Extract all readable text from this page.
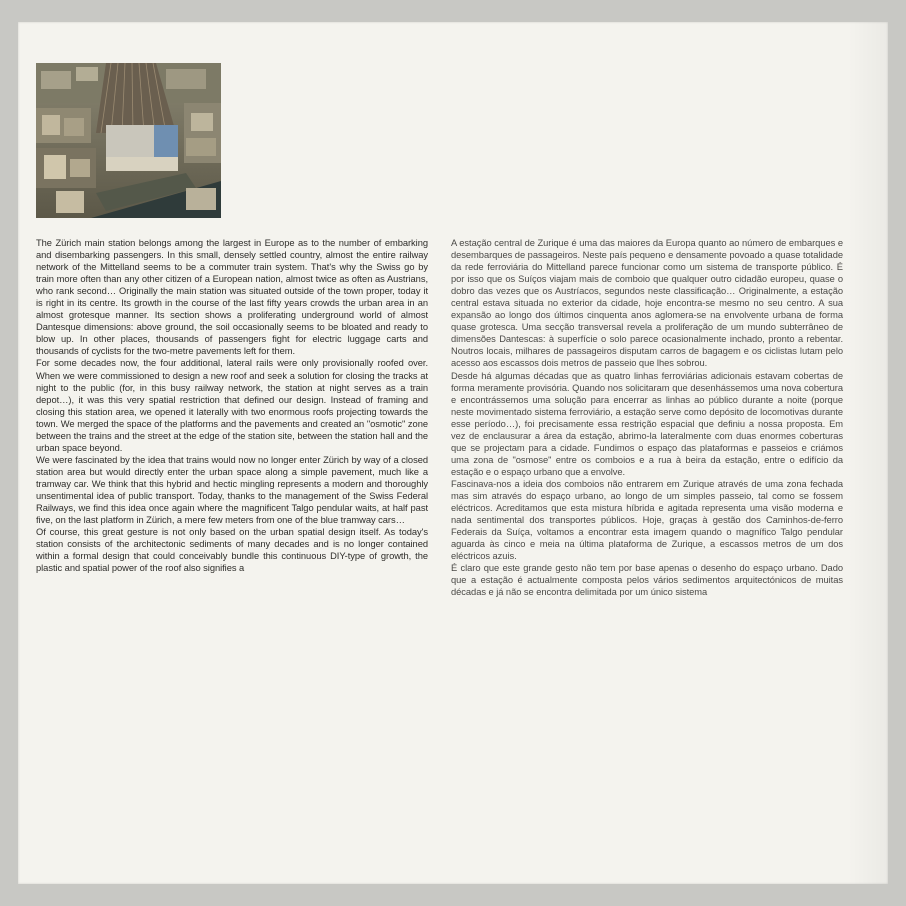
The Zürich main station belongs among the largest in Europe as to the number of embarking and disembarking passengers. In this small, densely settled country, almost the entire railway network of the Mittelland seems to be a commuter train system. That's why the Swiss go by train more often than any other citizen of a European nation, almost twice as often as Austrians, who rank second… Originally the main station was situated outside of the town proper, today it is right in its centre. Its growth in the course of the last fifty years crowds the urban area in an almost grotesque manner. Its section shows a proliferating underground world of almost Dantesque dimensions: above ground, the soil occasionally seems to be bloated and ready to blow up. In other places, thousands of passengers fight for electric luggage carts and thousands of cyclists for the two-metre pavements left for them.

For some decades now, the four additional, lateral rails were only provisionally roofed over. When we were commissioned to design a new roof and seek a solution for closing the tracks at night to the public (for, in this busy railway network, the station at night serves as a train depot…), it was this very spatial restriction that defined our design. Instead of framing and closing this station area, we opened it laterally with two enormous roofs projecting towards the town. We merged the space of the platforms and the pavements and created an "osmotic" zone between the trains and the street at the edge of the station site, between the station hall and the urban space beyond.

We were fascinated by the idea that trains would now no longer enter Zürich by way of a closed station area but would directly enter the urban space along a simple pavement, much like a tramway car. We think that this hybrid and hectic mingling represents a modern and thoroughly unsentimental idea of public transport. Today, thanks to the management of the Swiss Federal Railways, we find this idea once again where the magnificent Talgo pendular waits, at half past five, on the last platform in Zürich, a mere few meters from one of the blue tramway cars…

Of course, this great gesture is not only based on the urban spatial design itself. As today's station consists of the architectonic sediments of many decades and is no longer contained within a formal design that could conceivably bundle this continuous DIY-type of growth, the plastic and spatial power of the roof also signifies a

A estação central de Zurique é uma das maiores da Europa quanto ao número de embarques e desembarques de passageiros. Neste país pequeno e densamente povoado a quase totalidade da rede ferroviária do Mittelland parece funcionar como um sistema de transporte público. É por isso que os Suíços viajam mais de comboio que qualquer outro cidadão europeu, quase o dobro das vezes que os Austríacos, segundos neste classificação… Originalmente, a estação central estava situada no exterior da cidade, hoje encontra-se mesmo no seu centro. A sua expansão ao longo dos últimos cinquenta anos aglomera-se na envolvente urbana de forma quase grotesca. Uma secção transversal revela a proliferação de um mundo subterrâneo de dimensões Dantescas: à superfície o solo parece ocasionalmente inchado, pronto a rebentar. Noutros locais, milhares de passageiros disputam carros de bagagem e os ciclistas lutam pelo acesso aos escassos dois metros de passeio que lhes sobrou.

Desde há algumas décadas que as quatro linhas ferroviárias adicionais estavam cobertas de forma meramente provisória. Quando nos solicitaram que desenhássemos uma nova cobertura e encontrássemos uma solução para encerrar as linhas ao público durante a noite (porque neste movimentado sistema ferroviário, a estação serve como depósito de locomotivas durante esse período…), foi precisamente essa restrição espacial que definiu a nossa proposta. Em vez de enclausurar a área da estação, abrimo-la lateralmente com duas enormes coberturas que se projectam para a cidade. Fundimos o espaço das plataformas e passeios e criámos uma zona de "osmose" entre os comboios e a rua à beira da estação, entre o edifício da estação e o espaço urbano que a envolve.

Fascinava-nos a ideia dos comboios não entrarem em Zurique através de uma zona fechada mas sim através do espaço urbano, ao longo de um simples passeio, tal como se fossem eléctricos. Acreditamos que esta mistura híbrida e agitada representa uma visão moderna e nada sentimental dos transportes públicos. Hoje, graças à gestão dos Caminhos-de-ferro Federais da Suíça, voltamos a encontrar esta imagem quando o magnífico Talgo pendular aguarda às cinco e meia na última plataforma de Zurique, a escassos metros de um dos eléctricos azuis.

É claro que este grande gesto não tem por base apenas o desenho do espaço urbano. Dado que a estação é actualmente composta pelos vários sedimentos arquitectónicos de muitas décadas e já não se encontra delimitada por um único sistema
